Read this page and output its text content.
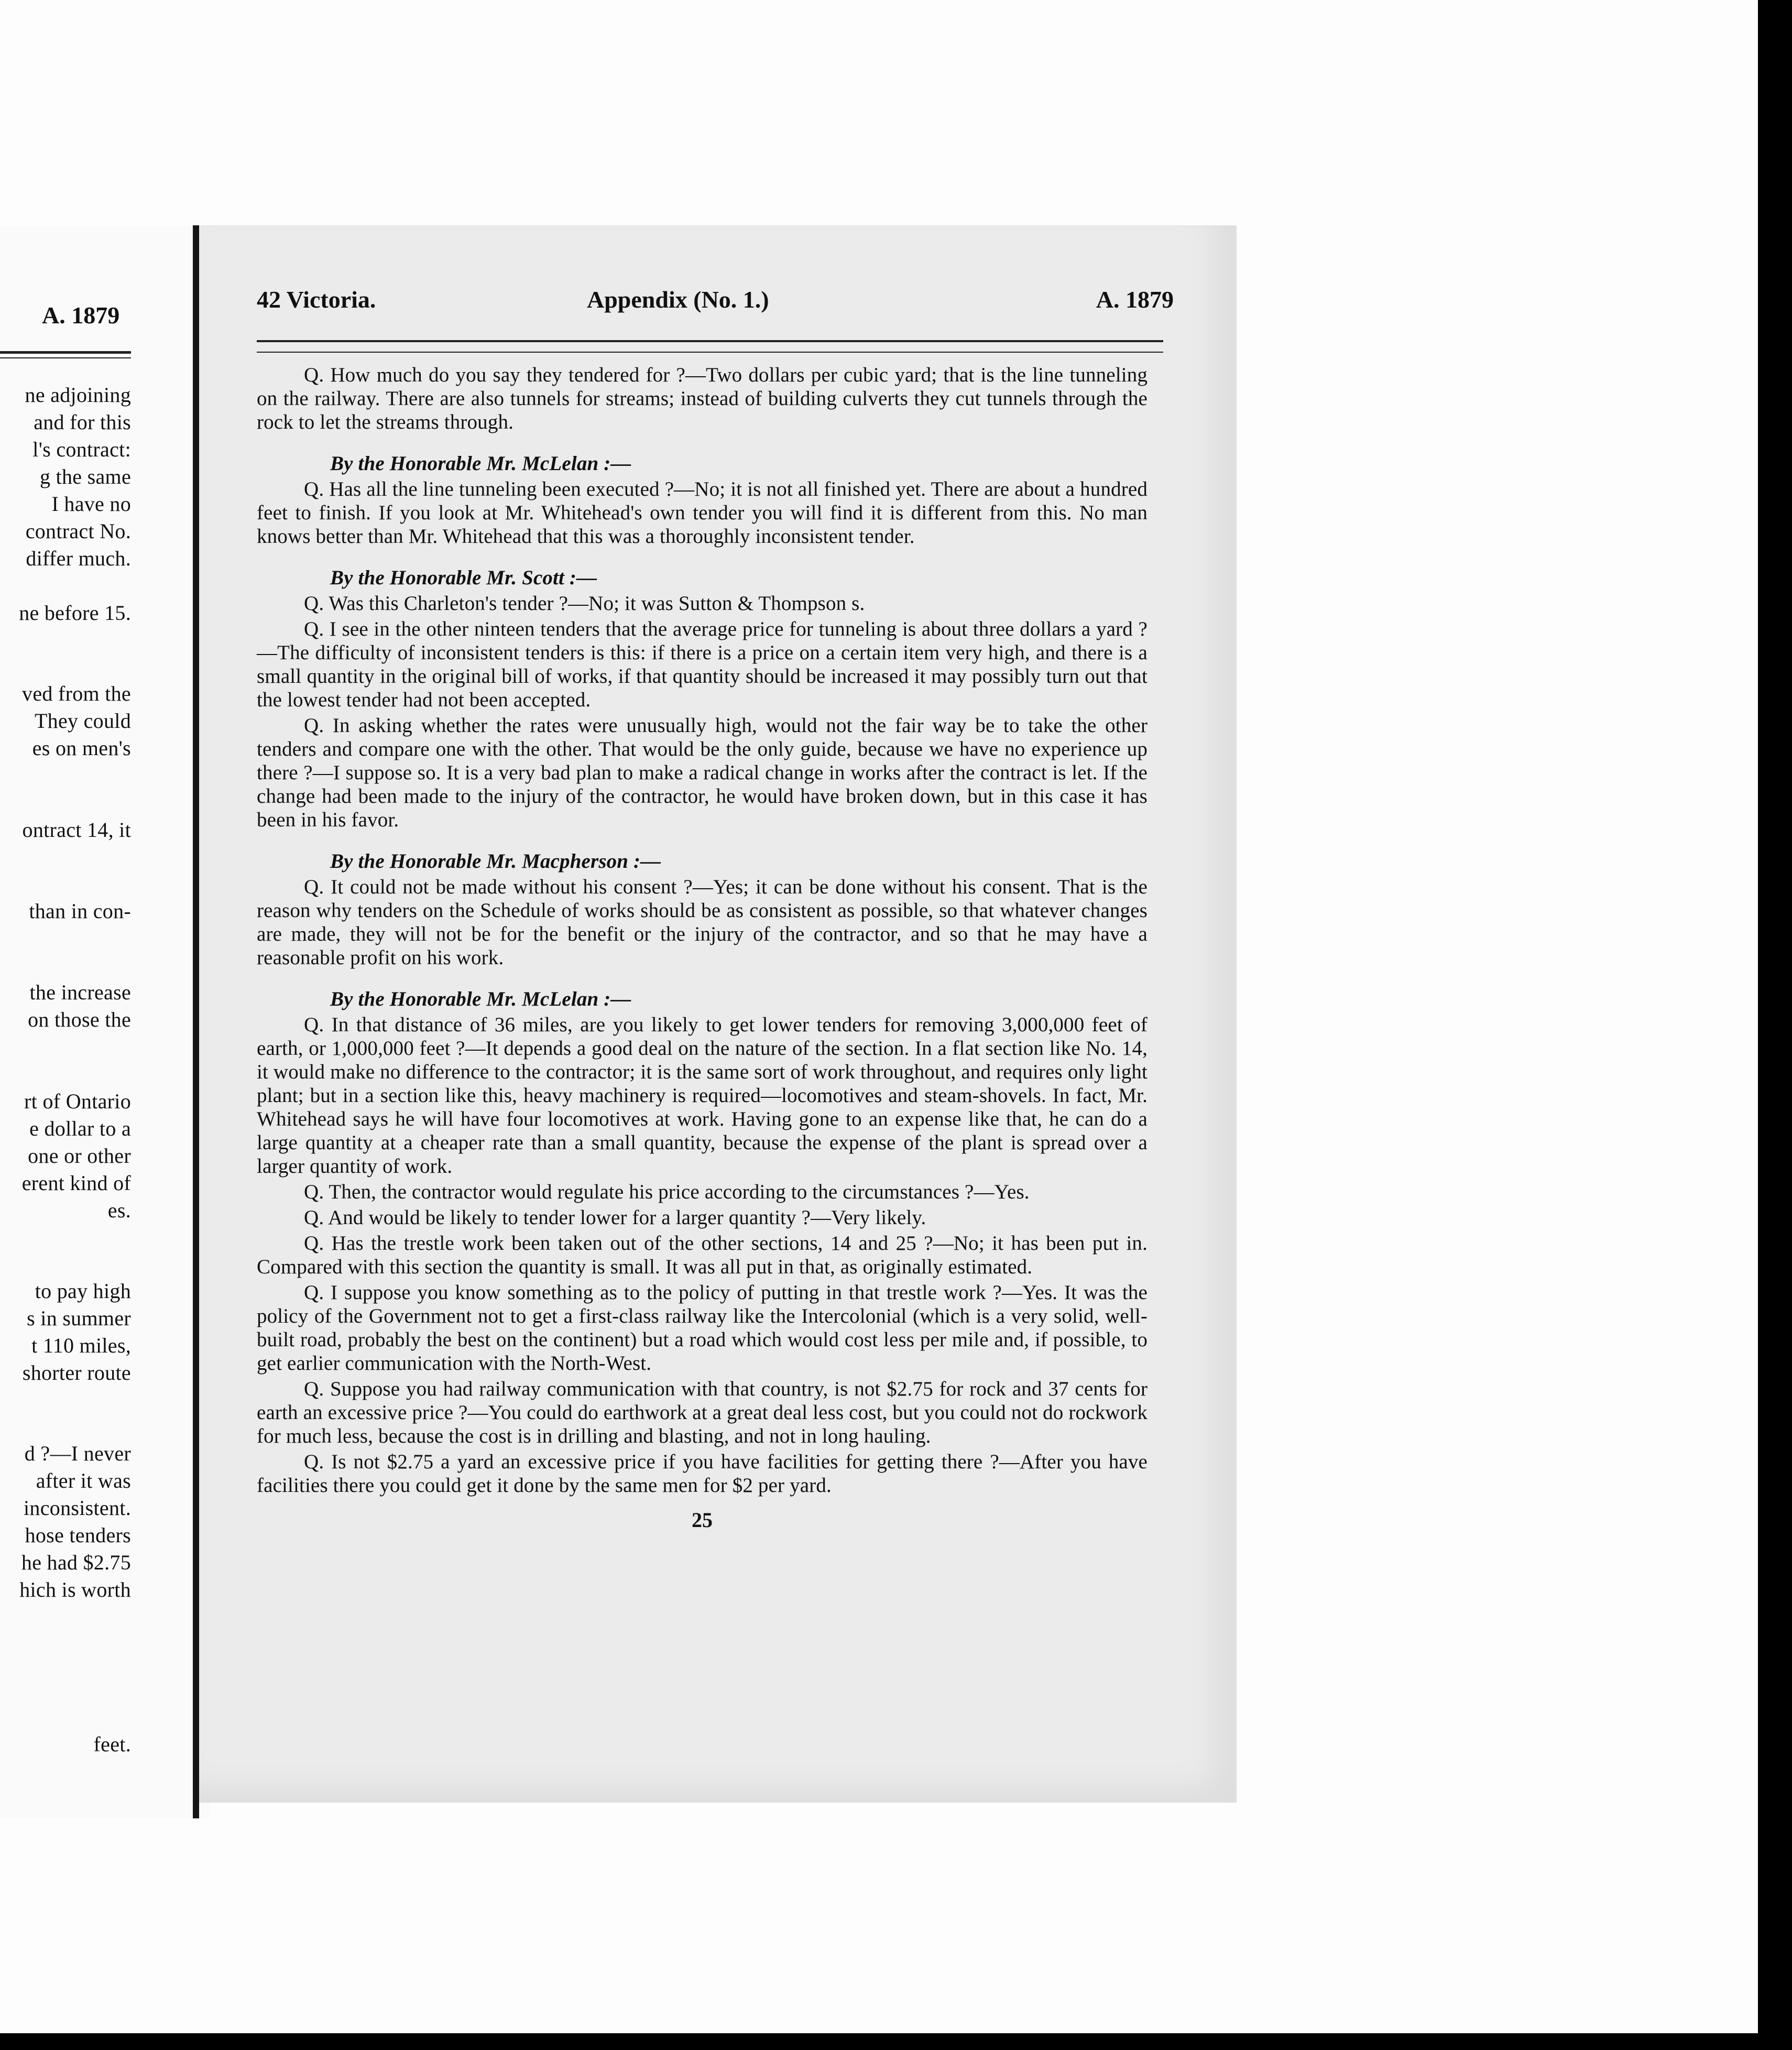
A. 1879
ne adjoining
and for this
l's contract:
g the same
I have no
contract No.
differ much.
ne before 15.
ved from the
They could
es on men's
ontract 14, it
than in con-
the increase
on those the
rt of Ontario
e dollar to a
one or other
erent kind of
es.
to pay high
s in summer
t 110 miles,
shorter route
d ?—I never
after it was
inconsistent.
hose tenders
he had $2.75
hich is worth
feet.
42 Victoria.	Appendix (No. 1.)	A. 1879

Q. How much do you say they tendered for ?—Two dollars per cubic yard; that is the line tunneling on the railway. There are also tunnels for streams; instead of building culverts they cut tunnels through the rock to let the streams through.

By the Honorable Mr. McLelan :—

Q. Has all the line tunneling been executed ?—No; it is not all finished yet. There are about a hundred feet to finish. If you look at Mr. Whitehead's own tender you will find it is different from this. No man knows better than Mr. Whitehead that this was a thoroughly inconsistent tender.

By the Honorable Mr. Scott :—

Q. Was this Charleton's tender ?—No; it was Sutton & Thompson s.

Q. I see in the other ninteen tenders that the average price for tunneling is about three dollars a yard ?—The difficulty of inconsistent tenders is this: if there is a price on a certain item very high, and there is a small quantity in the original bill of works, if that quantity should be increased it may possibly turn out that the lowest tender had not been accepted.

Q. In asking whether the rates were unusually high, would not the fair way be to take the other tenders and compare one with the other. That would be the only guide, because we have no experience up there ?—I suppose so. It is a very bad plan to make a radical change in works after the contract is let. If the change had been made to the injury of the contractor, he would have broken down, but in this case it has been in his favor.

By the Honorable Mr. Macpherson :—

Q. It could not be made without his consent ?—Yes; it can be done without his consent. That is the reason why tenders on the Schedule of works should be as consistent as possible, so that whatever changes are made, they will not be for the benefit or the injury of the contractor, and so that he may have a reasonable profit on his work.

By the Honorable Mr. McLelan :—

Q. In that distance of 36 miles, are you likely to get lower tenders for removing 3,000,000 feet of earth, or 1,000,000 feet ?—It depends a good deal on the nature of the section. In a flat section like No. 14, it would make no difference to the contractor; it is the same sort of work throughout, and requires only light plant; but in a section like this, heavy machinery is required—locomotives and steam-shovels. In fact, Mr. Whitehead says he will have four locomotives at work. Having gone to an expense like that, he can do a large quantity at a cheaper rate than a small quantity, because the expense of the plant is spread over a larger quantity of work.

Q. Then, the contractor would regulate his price according to the circumstances ?—Yes.

Q. And would be likely to tender lower for a larger quantity ?—Very likely.

Q. Has the trestle work been taken out of the other sections, 14 and 25 ?—No; it has been put in. Compared with this section the quantity is small. It was all put in that, as originally estimated.

Q. I suppose you know something as to the policy of putting in that trestle work ?—Yes. It was the policy of the Government not to get a first-class railway like the Intercolonial (which is a very solid, well-built road, probably the best on the continent) but a road which would cost less per mile and, if possible, to get earlier communication with the North-West.

Q. Suppose you had railway communication with that country, is not $2.75 for rock and 37 cents for earth an excessive price ?—You could do earthwork at a great deal less cost, but you could not do rockwork for much less, because the cost is in drilling and blasting, and not in long hauling.

Q. Is not $2.75 a yard an excessive price if you have facilities for getting there ?—After you have facilities there you could get it done by the same men for $2 per yard.

25
